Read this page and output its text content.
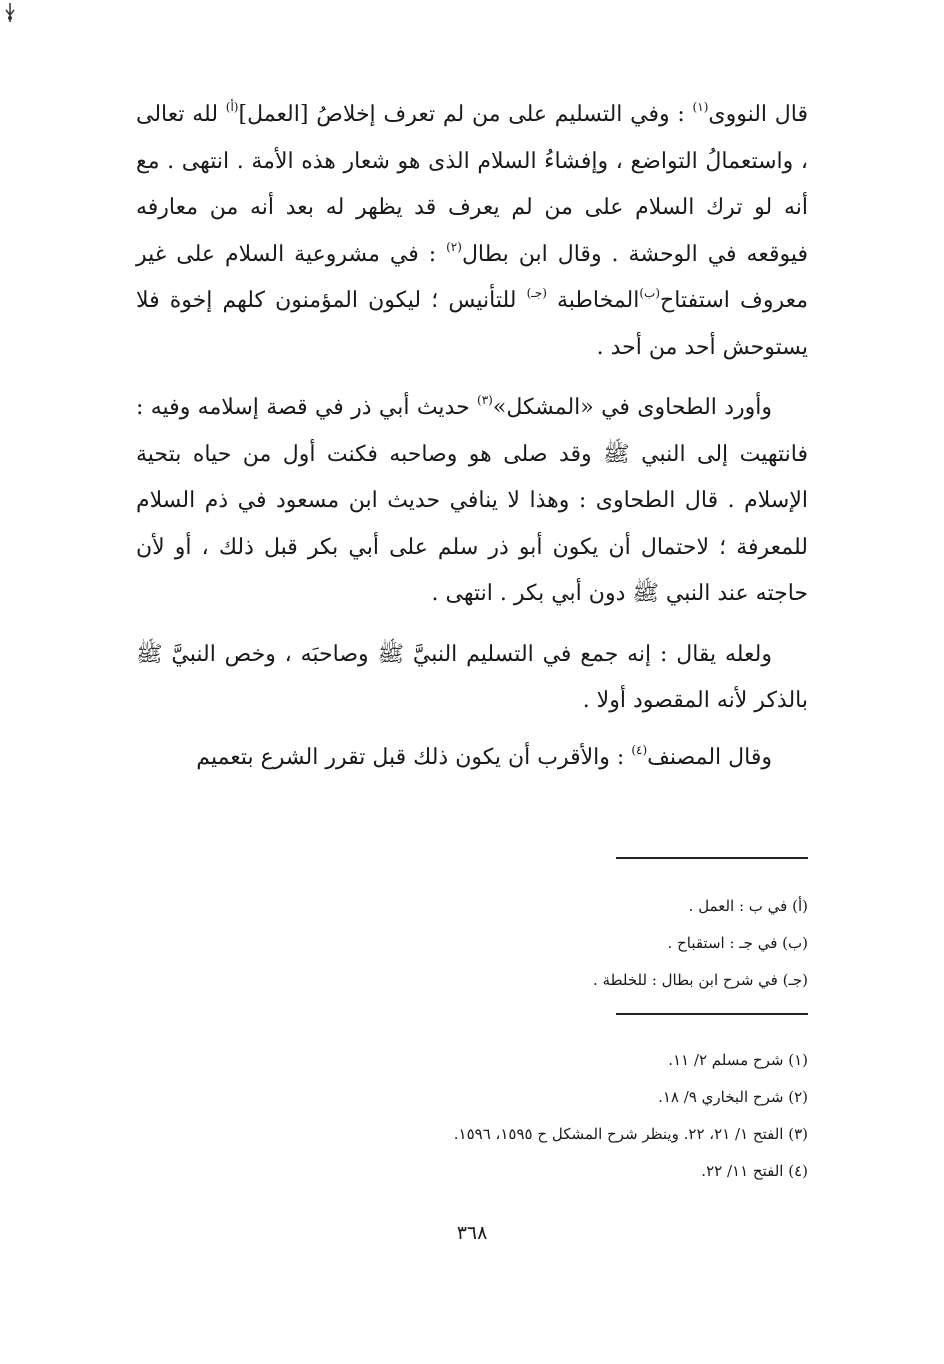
قال النووى$^{(١)}$ : وفي التسليم على من لم تعرف إخلاصُ [العمل]$^{(أ)}$ لله تعالى ، واستعمالُ التواضع ، وإفشاءُ السلام الذى هو شعار هذه الأمة . انتهى . مع أنه لو ترك السلام على من لم يعرف قد يظهر له بعد أنه من معارفه فيوقعه في الوحشة . وقال ابن بطال$^{(٢)}$ : في مشروعية السلام على غير معروف استفتاح$^{(ب)}$المخاطبة $^{(جـ)}$ للتأنيس ؛ ليكون المؤمنون كلهم إخوة فلا يستوحش أحد من أحد .

وأورد الطحاوى في «المشكل»$^{(٣)}$ حديث أبي ذر في قصة إسلامه وفيه : فانتهيت إلى النبي ﷺ وقد صلى هو وصاحبه فكنت أول من حياه بتحية الإسلام . قال الطحاوى : وهذا لا ينافي حديث ابن مسعود في ذم السلام للمعرفة ؛ لاحتمال أن يكون أبو ذر سلم على أبي بكر قبل ذلك ، أو لأن حاجته عند النبي ﷺ دون أبي بكر . انتهى .

ولعله يقال : إنه جمع في التسليم النبيَّ ﷺ وصاحبَه ، وخص النبيَّ ﷺ بالذكر لأنه المقصود أولا .

وقال المصنف$^{(٤)}$ : والأقرب أن يكون ذلك قبل تقرر الشرع بتعميم

(أ) في ب : العمل .
(ب) في جـ : استقباح .
(جـ) في شرح ابن بطال : للخلطة .
(١) شرح مسلم ٢/ ١١.
(٢) شرح البخاري ٩/ ١٨.
(٣) الفتح ١/ ٢١، ٢٢. وينظر شرح المشكل ح ١٥٩٥، ١٥٩٦.
(٤) الفتح ١١/ ٢٢.
٣٦٨
